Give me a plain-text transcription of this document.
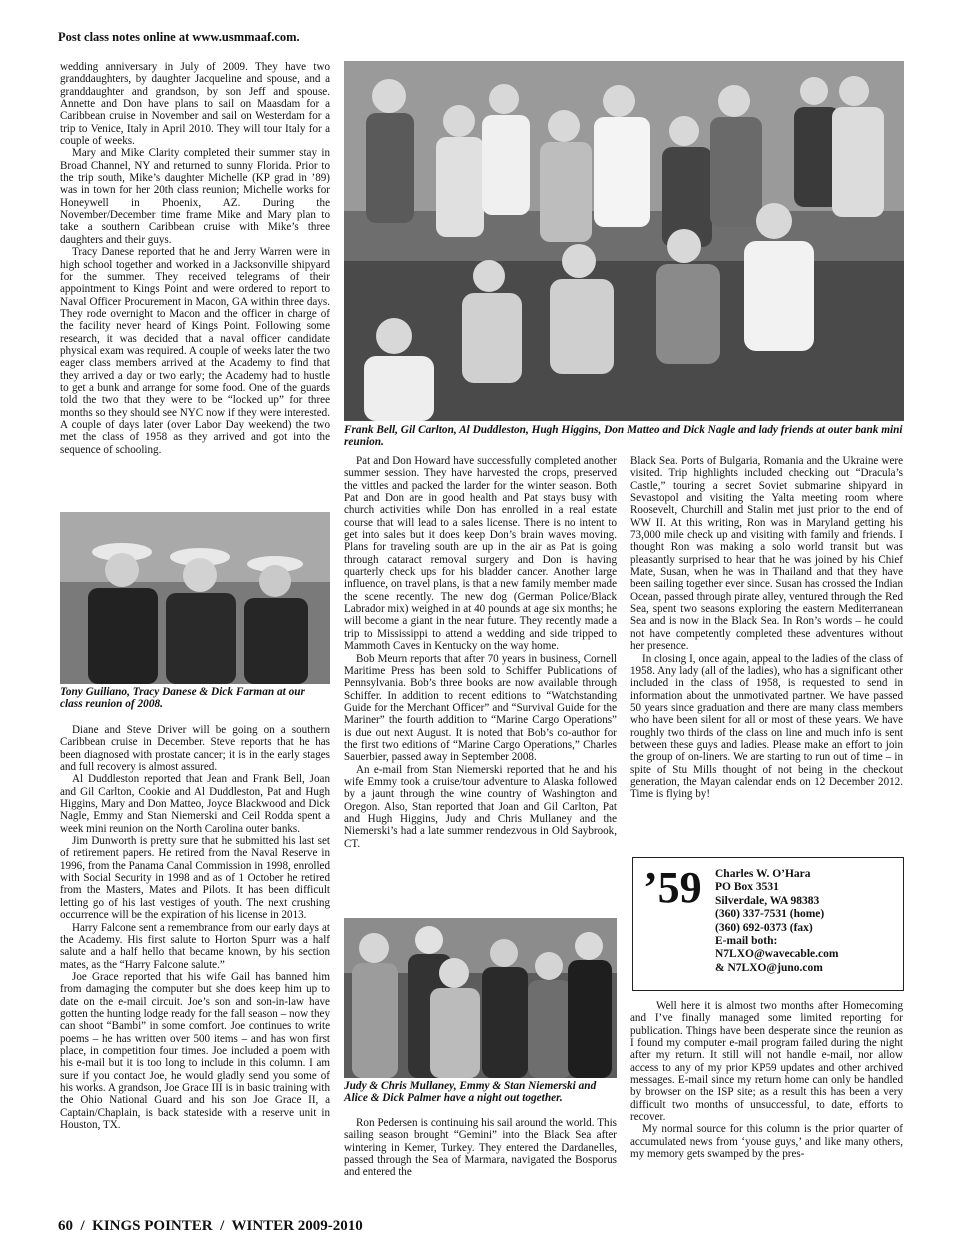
Post class notes online at www.usmmaaf.com.

wedding anniversary in July of 2009. They have two granddaughters, by daughter Jacqueline and spouse, and a granddaughter and grandson, by son Jeff and spouse. Annette and Don have plans to sail on Maasdam for a Caribbean cruise in November and sail on Westerdam for a trip to Venice, Italy in April 2010. They will tour Italy for a couple of weeks.

Mary and Mike Clarity completed their summer stay in Broad Channel, NY and returned to sunny Florida. Prior to the trip south, Mike’s daughter Michelle (KP grad in ’89) was in town for her 20th class reunion; Michelle works for Honeywell in Phoenix, AZ. During the November/December time frame Mike and Mary plan to take a southern Caribbean cruise with Mike’s three daughters and their guys.

Tracy Danese reported that he and Jerry Warren were in high school together and worked in a Jacksonville shipyard for the summer. They received telegrams of their appointment to Kings Point and were ordered to report to Naval Officer Procurement in Macon, GA within three days. They rode overnight to Macon and the officer in charge of the facility never heard of Kings Point. Following some research, it was decided that a naval officer candidate physical exam was required. A couple of weeks later the two eager class members arrived at the Academy to find that they arrived a day or two early; the Academy had to hustle to get a bunk and arrange for some food. One of the guards told the two that they were to be “locked up” for three months so they should see NYC now if they were interested. A couple of days later (over Labor Day weekend) the two met the class of 1958 as they arrived and got into the sequence of schooling.

Frank Bell, Gil Carlton, Al Duddleston, Hugh Higgins, Don Matteo and Dick Nagle and lady friends at outer bank mini reunion.
Tony Guiliano, Tracy Danese & Dick Farman at our class reunion of 2008.

Diane and Steve Driver will be going on a southern Caribbean cruise in December. Steve reports that he has been diagnosed with prostate cancer; it is in the early stages and full recovery is almost assured.

Al Duddleston reported that Jean and Frank Bell, Joan and Gil Carlton, Cookie and Al Duddleston, Pat and Hugh Higgins, Mary and Don Matteo, Joyce Blackwood and Dick Nagle, Emmy and Stan Niemerski and Ceil Rodda spent a week mini reunion on the North Carolina outer banks.

Jim Dunworth is pretty sure that he submitted his last set of retirement papers. He retired from the Naval Reserve in 1996, from the Panama Canal Commission in 1998, enrolled with Social Security in 1998 and as of 1 October he retired from the Masters, Mates and Pilots. It has been difficult letting go of his last vestiges of youth. The next crushing occurrence will be the expiration of his license in 2013.

Harry Falcone sent a remembrance from our early days at the Academy. His first salute to Horton Spurr was a half salute and a half hello that became known, by his section mates, as the “Harry Falcone salute.”

Joe Grace reported that his wife Gail has banned him from damaging the computer but she does keep him up to date on the e-mail circuit. Joe’s son and son-in-law have gotten the hunting lodge ready for the fall season – now they can shoot “Bambi” in some comfort. Joe continues to write poems – he has written over 500 items – and has won first place, in competition four times. Joe included a poem with his e-mail but it is too long to include in this column. I am sure if you contact Joe, he would gladly send you some of his works. A grandson, Joe Grace III is in basic training with the Ohio National Guard and his son Joe Grace II, a Captain/Chaplain, is back stateside with a reserve unit in Houston, TX.

Pat and Don Howard have successfully completed another summer session. They have harvested the crops, preserved the vittles and packed the larder for the winter season. Both Pat and Don are in good health and Pat stays busy with church activities while Don has enrolled in a real estate course that will lead to a sales license. There is no intent to get into sales but it does keep Don’s brain waves moving. Plans for traveling south are up in the air as Pat is going through cataract removal surgery and Don is having quarterly check ups for his bladder cancer. Another large influence, on travel plans, is that a new family member made the scene recently. The new dog (German Police/Black Labrador mix) weighed in at 40 pounds at age six months; he will become a giant in the near future. They recently made a trip to Mississippi to attend a wedding and side tripped to Mammoth Caves in Kentucky on the way home.

Bob Meurn reports that after 70 years in business, Cornell Maritime Press has been sold to Schiffer Publications of Pennsylvania. Bob’s three books are now available through Schiffer. In addition to recent editions to “Watchstanding Guide for the Merchant Officer” and “Survival Guide for the Mariner” the fourth addition to “Marine Cargo Operations” is due out next August. It is noted that Bob’s co-author for the first two editions of “Marine Cargo Operations,” Charles Sauerbier, passed away in September 2008.

An e-mail from Stan Niemerski reported that he and his wife Emmy took a cruise/tour adventure to Alaska followed by a jaunt through the wine country of Washington and Oregon. Also, Stan reported that Joan and Gil Carlton, Pat and Hugh Higgins, Judy and Chris Mullaney and the Niemerski’s had a late summer rendezvous in Old Saybrook, CT.

Judy & Chris Mullaney, Emmy & Stan Niemerski and Alice & Dick Palmer have a night out together.

Ron Pedersen is continuing his sail around the world. This sailing season brought “Gemini” into the Black Sea after wintering in Kemer, Turkey. They entered the Dardanelles, passed through the Sea of Marmara, navigated the Bosporus and entered the

Black Sea. Ports of Bulgaria, Romania and the Ukraine were visited. Trip highlights included checking out “Dracula’s Castle,” touring a secret Soviet submarine shipyard in Sevastopol and visiting the Yalta meeting room where Roosevelt, Churchill and Stalin met just prior to the end of WW II. At this writing, Ron was in Maryland getting his 73,000 mile check up and visiting with family and friends. I thought Ron was making a solo world transit but was pleasantly surprised to hear that he was joined by his Chief Mate, Susan, when he was in Thailand and that they have been sailing together ever since. Susan has crossed the Indian Ocean, passed through pirate alley, ventured through the Red Sea, spent two seasons exploring the eastern Mediterranean Sea and is now in the Black Sea. In Ron’s words – he could not have competently completed these adventures without her presence.

In closing I, once again, appeal to the ladies of the class of 1958. Any lady (all of the ladies), who has a significant other included in the class of 1958, is requested to send in information about the unmotivated partner. We have passed 50 years since graduation and there are many class members who have been silent for all or most of these years. We have roughly two thirds of the class on line and much info is sent between these guys and ladies. Please make an effort to join the group of on-liners. We are starting to run out of time – in spite of Stu Mills thought of not being in the checkout generation, the Mayan calendar ends on 12 December 2012. Time is flying by!

’59 Charles W. O’Hara
PO Box 3531
Silverdale, WA 98383
(360) 337-7531 (home)
(360) 692-0373 (fax)
E-mail both:
N7LXO@wavecable.com
& N7LXO@juno.com

Well here it is almost two months after Homecoming and I’ve finally managed some limited reporting for publication. Things have been desperate since the reunion as I found my computer e-mail program failed during the night after my return. It still will not handle e-mail, nor allow access to any of my prior KP59 updates and other archived messages. E-mail since my return home can only be handled by browser on the ISP site; as a result this has been a very difficult two months of unsuccessful, to date, efforts to recover.

My normal source for this column is the prior quarter of accumulated news from ‘youse guys,’ and like many others, my memory gets swamped by the pres-

60  /  KINGS POINTER  /  WINTER 2009-2010
